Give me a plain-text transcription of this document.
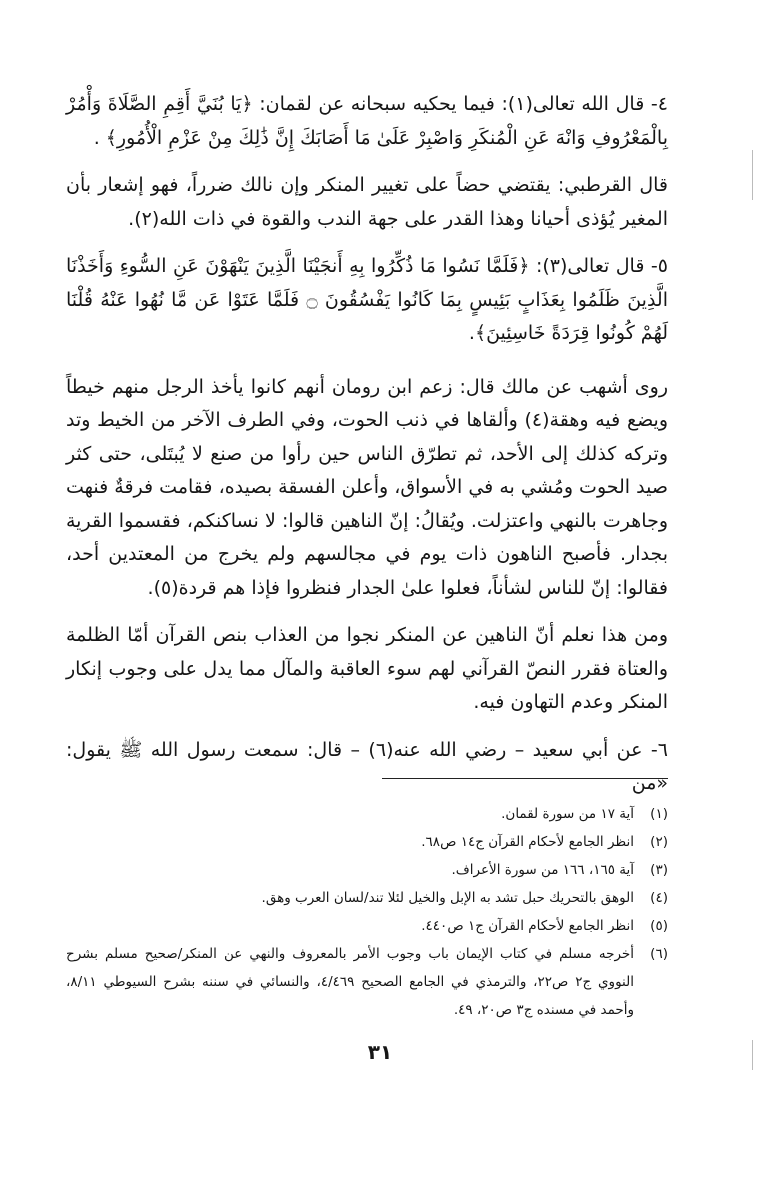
٤- قال الله تعالى(١): فيما يحكيه سبحانه عن لقمان: ﴿يَا بُنَيَّ أَقِمِ الصَّلَاةَ وَأْمُرْ بِالْمَعْرُوفِ وَانْهَ عَنِ الْمُنكَرِ وَاصْبِرْ عَلَىٰ مَا أَصَابَكَ إِنَّ ذَٰلِكَ مِنْ عَزْمِ الْأُمُورِ﴾ .

قال القرطبي: يقتضي حضاً على تغيير المنكر وإن نالك ضرراً، فهو إشعار بأن المغير يُؤذى أحيانا وهذا القدر على جهة الندب والقوة في ذات الله(٢).

٥- قال تعالى(٣): ﴿فَلَمَّا نَسُوا مَا ذُكِّرُوا بِهِ أَنجَيْنَا الَّذِينَ يَنْهَوْنَ عَنِ السُّوءِ وَأَخَذْنَا الَّذِينَ ظَلَمُوا بِعَذَابٍ بَئِيسٍ بِمَا كَانُوا يَفْسُقُونَ ۝ فَلَمَّا عَتَوْا عَن مَّا نُهُوا عَنْهُ قُلْنَا لَهُمْ كُونُوا قِرَدَةً خَاسِئِينَ﴾.

روى أشهب عن مالك قال: زعم ابن رومان أنهم كانوا يأخذ الرجل منهم خيطاً ويضع فيه وهقة(٤) وألقاها في ذنب الحوت، وفي الطرف الآخر من الخيط وتد وتركه كذلك إلى الأحد، ثم تطرّق الناس حين رأوا من صنع لا يُبتَلى، حتى كثر صيد الحوت ومُشي به في الأسواق، وأعلن الفسقة بصيده، فقامت فرقةٌ فنهت وجاهرت بالنهي واعتزلت. ويُقالُ: إنّ الناهين قالوا: لا نساكنكم، فقسموا القرية بجدار. فأصبح الناهون ذات يوم في مجالسهم ولم يخرج من المعتدين أحد، فقالوا: إنّ للناس لشأناً، فعلوا علىٰ الجدار فنظروا فإذا هم قردة(٥).

ومن هذا نعلم أنّ الناهين عن المنكر نجوا من العذاب بنص القرآن أمّا الظلمة والعتاة فقرر النصّ القرآني لهم سوء العاقبة والمآل مما يدل على وجوب إنكار المنكر وعدم التهاون فيه.

٦- عن أبي سعيد – رضي الله عنه(٦) – قال: سمعت رسول الله ﷺ يقول: «من

(١)
آية ١٧ من سورة لقمان.
(٢)
انظر الجامع لأحكام القرآن ج١٤ ص٦٨.
(٣)
آية ١٦٥، ١٦٦ من سورة الأعراف.
(٤)
الوهق بالتحريك حبل تشد به الإبل والخيل لئلا تند/لسان العرب وهق.
(٥)
انظر الجامع لأحكام القرآن ج١ ص٤٤٠.
(٦)
أخرجه مسلم في كتاب الإيمان باب وجوب الأمر بالمعروف والنهي عن المنكر/صحيح مسلم بشرح النووي ج٢ ص٢٢، والترمذي في الجامع الصحيح ٤/٤٦٩، والنسائي في سننه بشرح السيوطي ٨/١١، وأحمد في مسنده ج٣ ص٢٠، ٤٩.
٣١
